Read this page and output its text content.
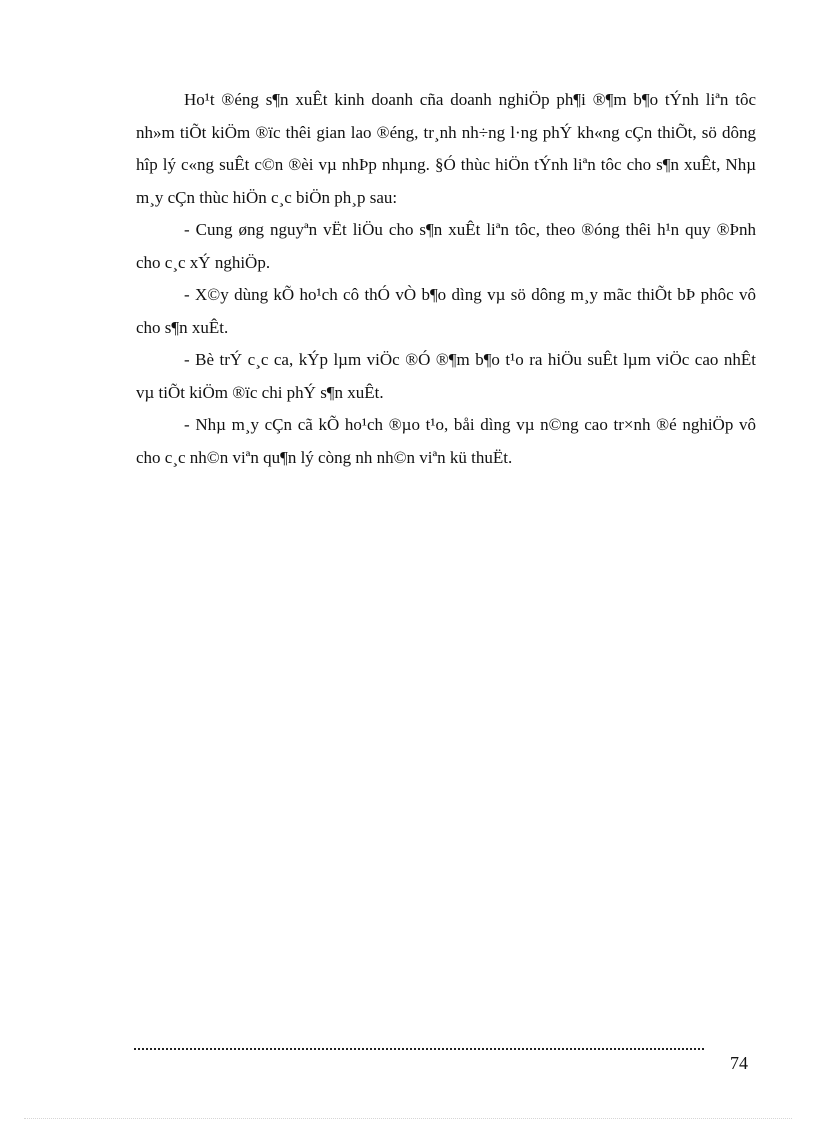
Ho¹t ®éng s¶n xuÊt kinh doanh cña doanh nghiÖp ph¶i ®¶m b¶o tÝnh liªn tôc nh»m tiÕt kiÖm ®ïc thêi gian lao ®éng, tr¸nh nh÷ng l·ng phÝ kh«ng cÇn thiÕt, sö dông hîp lý c«ng suÊt c©n ®èi vµ nhÞp nhµng. §Ó thùc hiÖn tÝnh liªn tôc cho s¶n xuÊt, Nhµ m¸y cÇn thùc hiÖn c¸c biÖn ph¸p sau:

- Cung øng nguyªn vËt liÖu cho s¶n xuÊt liªn tôc, theo ®óng thêi h¹n quy ®Þnh cho c¸c xÝ nghiÖp.

- X©y dùng kÕ ho¹ch cô thÓ vÒ b¶o dìng vµ sö dông m¸y mãc thiÕt bÞ phôc vô cho s¶n xuÊt.

- Bè trÝ c¸c ca, kÝp lµm viÖc ®Ó ®¶m b¶o t¹o ra hiÖu suÊt lµm viÖc cao nhÊt vµ tiÕt kiÖm ®ïc chi phÝ s¶n xuÊt.

- Nhµ m¸y cÇn cã kÕ ho¹ch ®µo t¹o, båi dìng vµ n©ng cao tr×nh ®é nghiÖp vô cho c¸c nh©n viªn qu¶n lý còng nh nh©n viªn kü thuËt.

74
